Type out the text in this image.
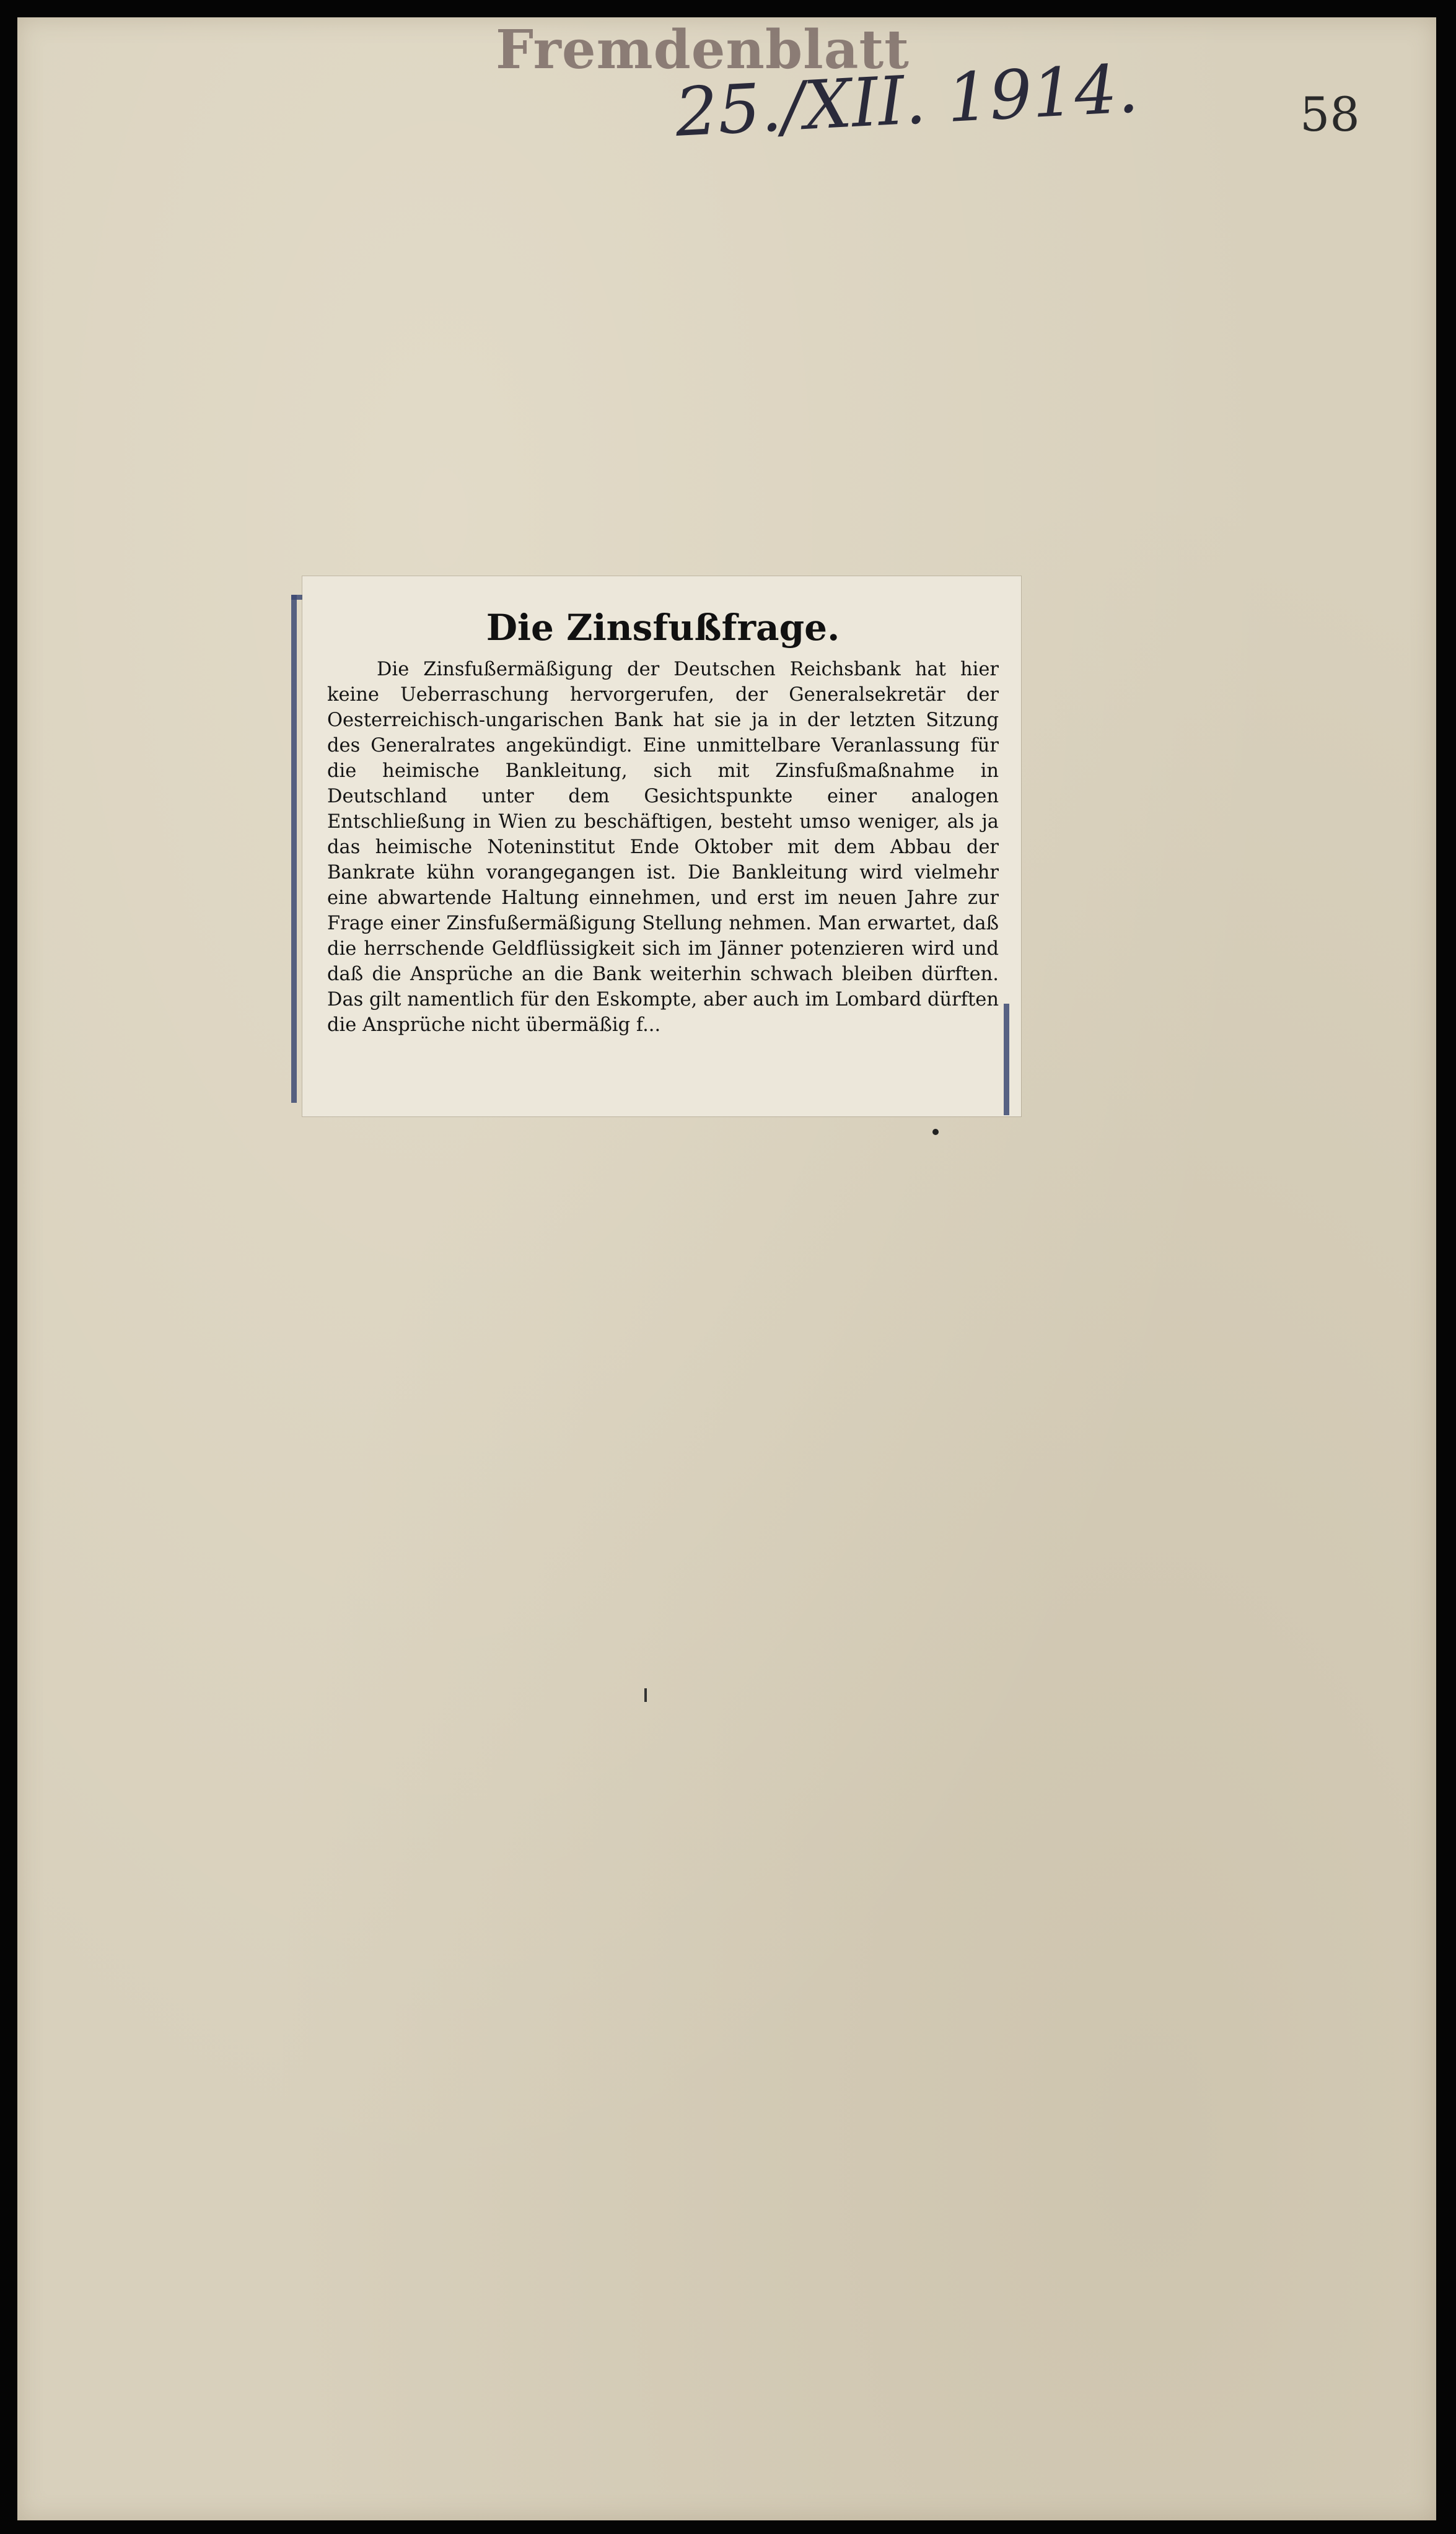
Fremdenblatt
25./XII. 1914.	58
Die Zinsfußfrage.

Die Zinsfußermäßigung der Deutschen Reichsbank hat hier keine Ueberraschung hervorgerufen, der Generalsekretär der Oesterreichisch-ungarischen Bank hat sie ja in der letzten Sitzung des Generalrates angekündigt. Eine unmittelbare Veranlassung für die heimische Bankleitung, sich mit Zinsfußmaßnahme in Deutschland unter dem Gesichtspunkte einer analogen Entschließung in Wien zu beschäftigen, besteht umso weniger, als ja das heimische Noteninstitut Ende Oktober mit dem Abbau der Bankrate kühn vorangegangen ist. Die Bankleitung wird vielmehr eine abwartende Haltung einnehmen, und erst im neuen Jahre zur Frage einer Zinsfußermäßigung Stellung nehmen. Man erwartet, daß die herrschende Geldflüssigkeit sich im Jänner potenzieren wird und daß die Ansprüche an die Bank weiterhin schwach bleiben dürften. Das gilt namentlich für den Eskompte, aber auch im Lombard dürften die Ansprüche nicht übermäßig f...
